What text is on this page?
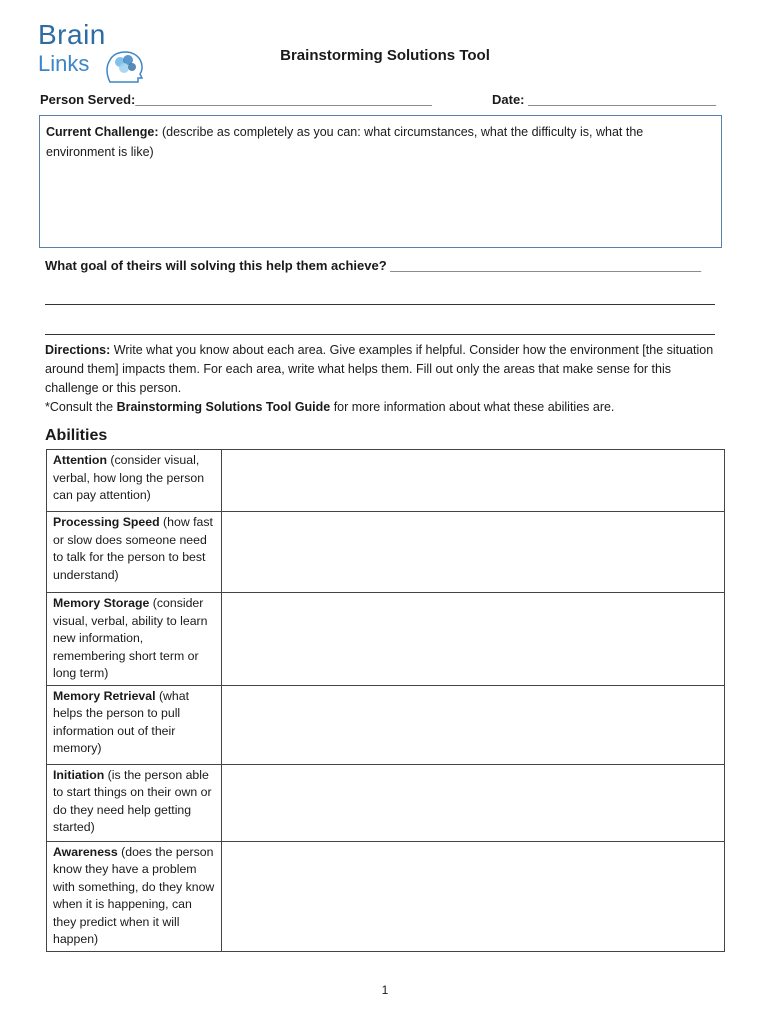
Brain
Links	Brainstorming Solutions Tool
Person Served:_________________________________________	Date: __________________________
Current Challenge: (describe as completely as you can: what circumstances, what the difficulty is, what the environment is like)
What goal of theirs will solving this help them achieve? ___________________________________________
Directions: Write what you know about each area. Give examples if helpful. Consider how the environment [the situation around them] impacts them. For each area, write what helps them. Fill out only the areas that make sense for this challenge or this person.
*Consult the Brainstorming Solutions Tool Guide for more information about what these abilities are.
Abilities
Attention (consider visual, verbal, how long the person can pay attention)	
Processing Speed (how fast or slow does someone need to talk for the person to best understand)	
Memory Storage (consider visual, verbal, ability to learn new information, remembering short term or long term)	
Memory Retrieval (what helps the person to pull information out of their memory)	
Initiation (is the person able to start things on their own or do they need help getting started)	
Awareness (does the person know they have a problem with something, do they know when it is happening, can they predict when it will happen)	
1
